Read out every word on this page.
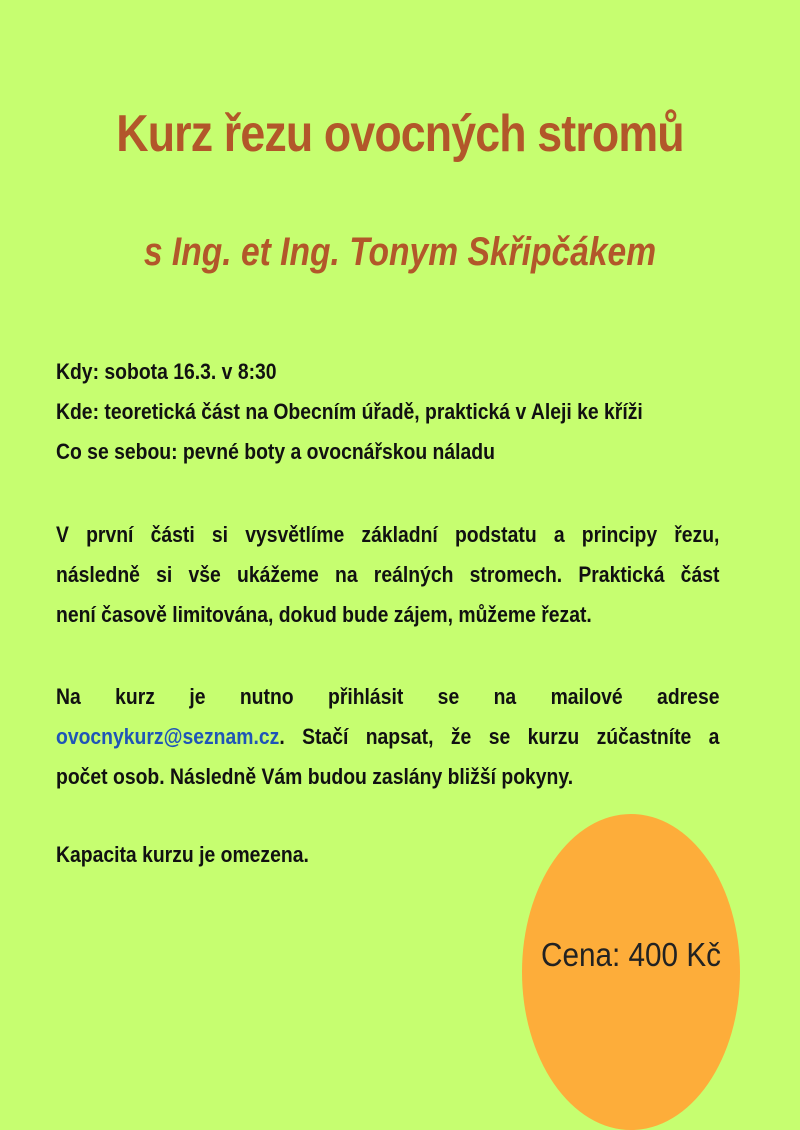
Kurz řezu ovocných stromů
s Ing. et Ing. Tonym Skřipčákem
Kdy: sobota 16.3. v 8:30
Kde: teoretická část na Obecním úřadě, praktická v Aleji ke kříži
Co se sebou: pevné boty a ovocnářskou náladu
V první části si vysvětlíme základní podstatu a principy řezu,
následně si vše ukážeme na reálných stromech. Praktická část
není časově limitována, dokud bude zájem, můžeme řezat.
Na kurz je nutno přihlásit se na mailové adrese
ovocnykurz@seznam.cz. Stačí napsat, že se kurzu zúčastníte a
počet osob. Následně Vám budou zaslány bližší pokyny.
Kapacita kurzu je omezena.
Cena: 400 Kč
